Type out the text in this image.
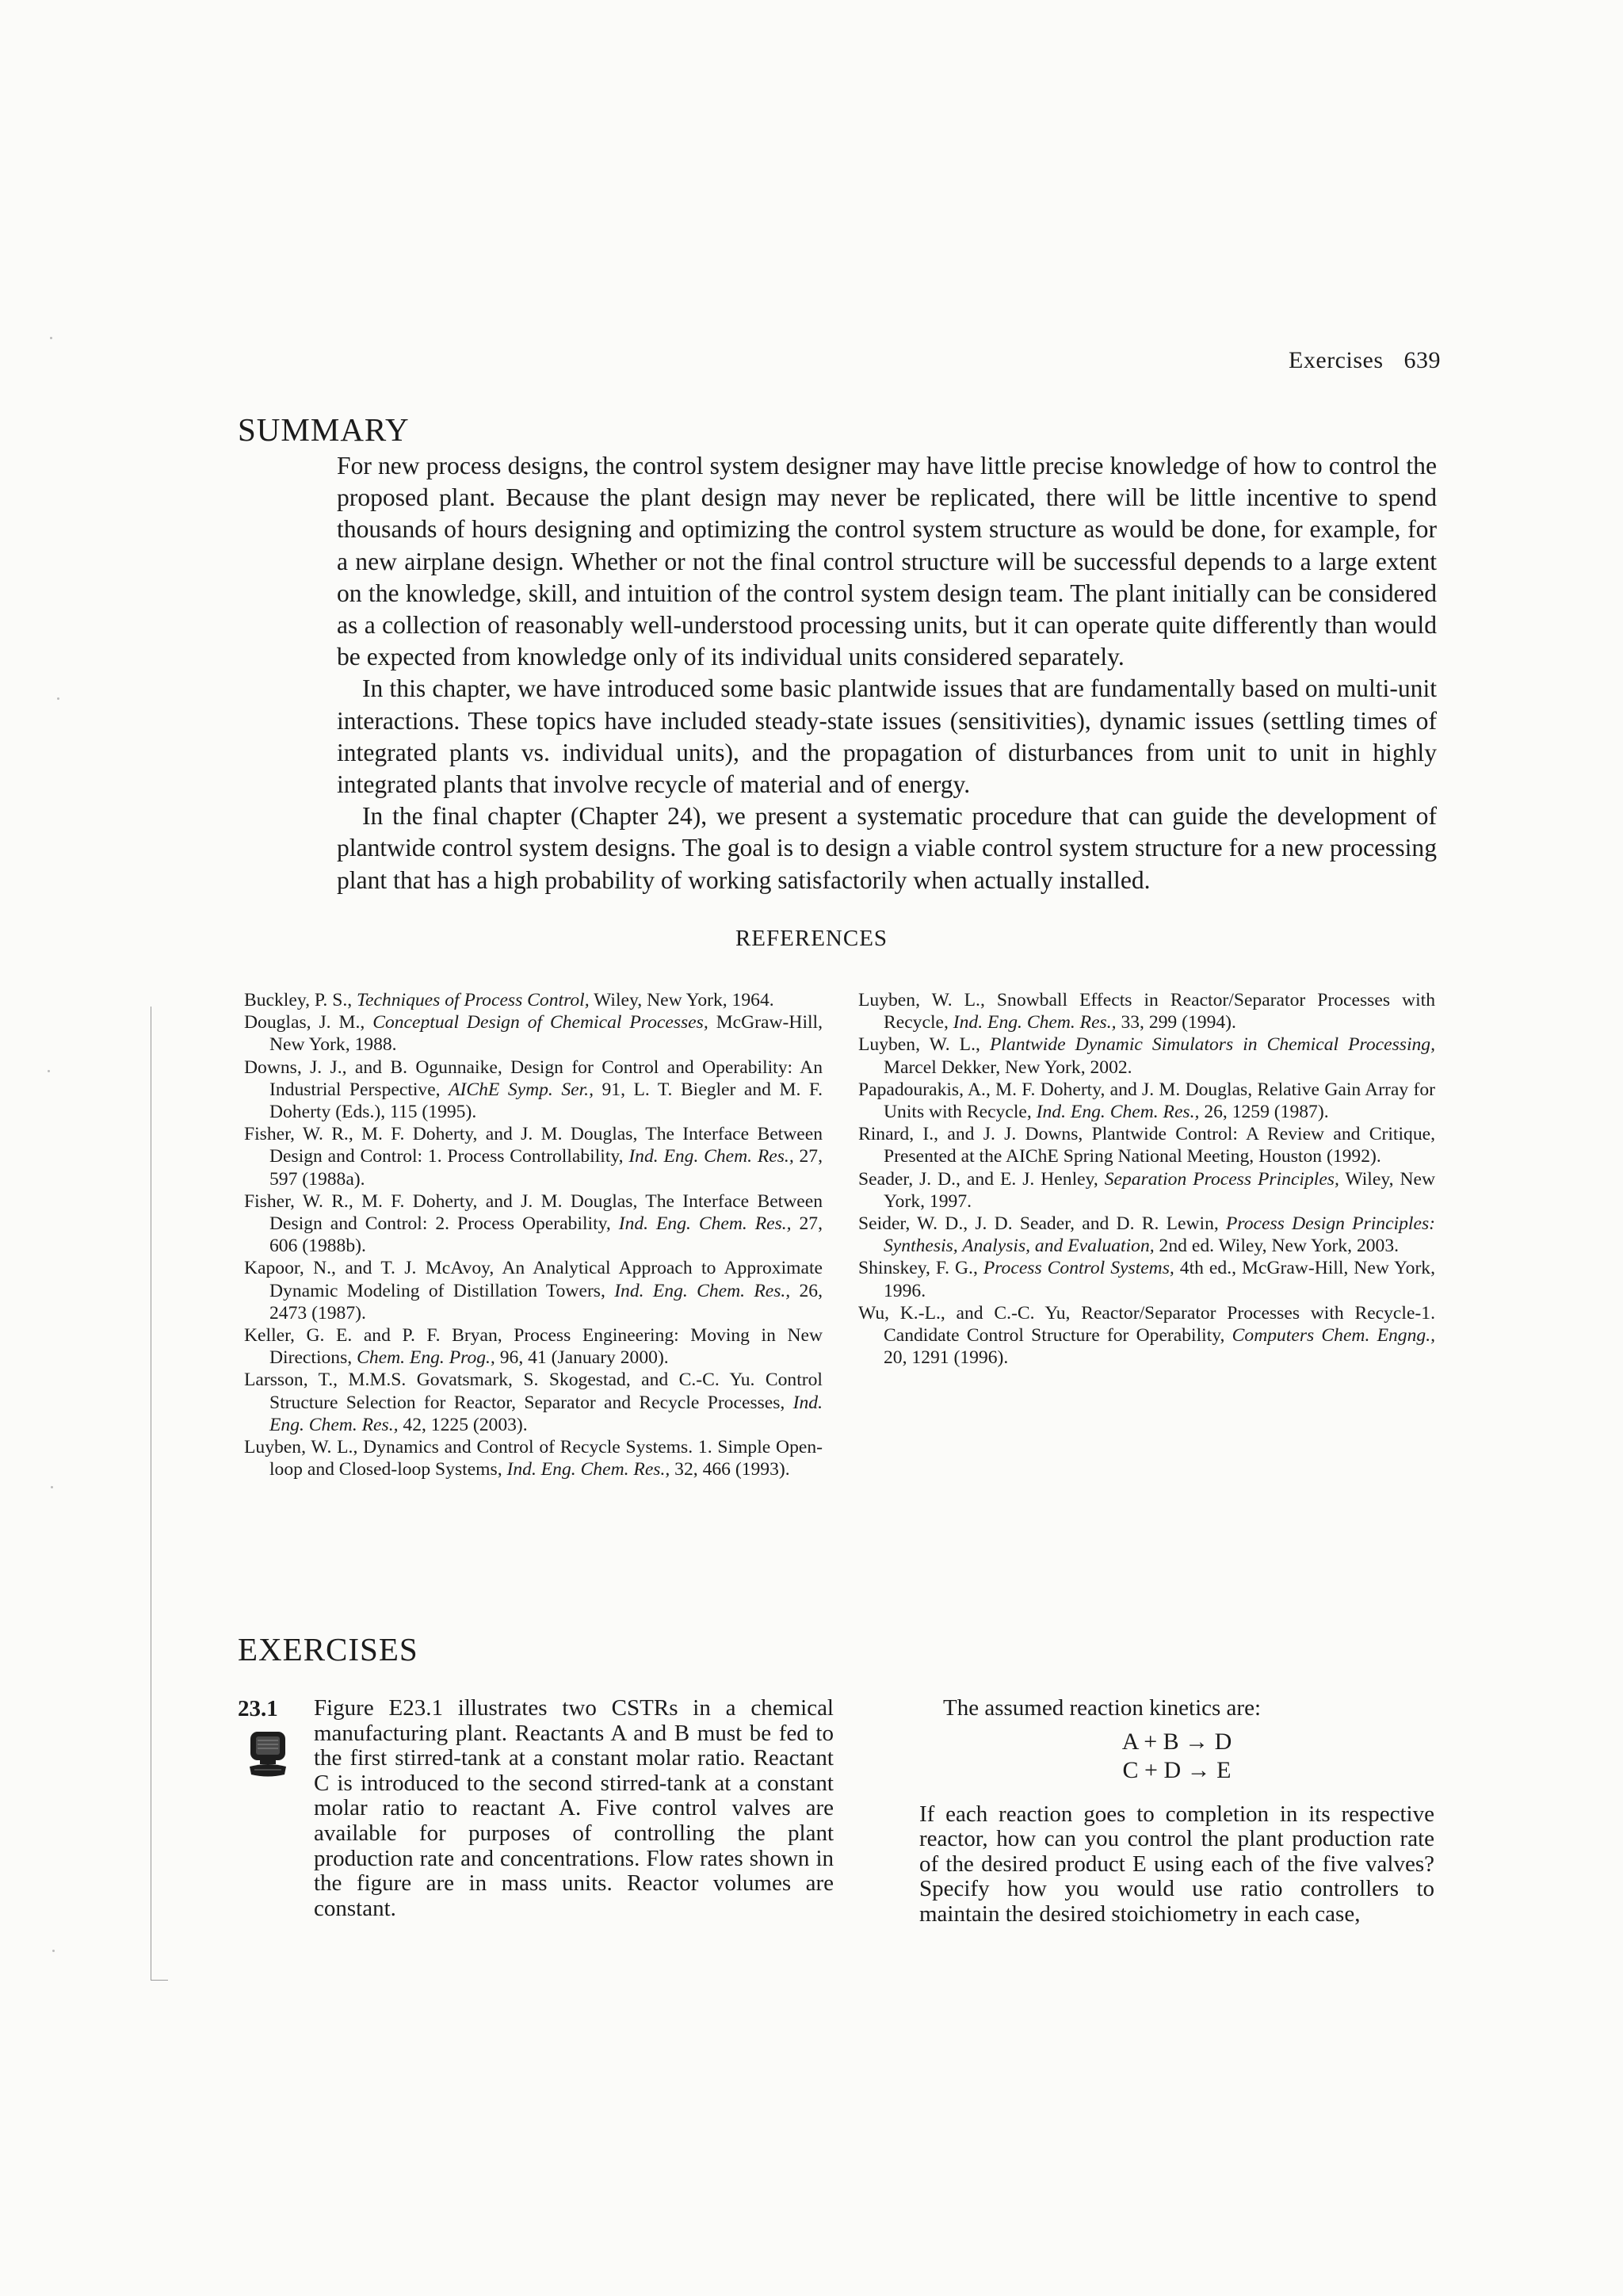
Exercises 639
SUMMARY

For new process designs, the control system designer may have little precise knowledge of how to control the proposed plant. Because the plant design may never be replicated, there will be little incentive to spend thousands of hours designing and optimizing the control system structure as would be done, for example, for a new airplane design. Whether or not the final control structure will be successful depends to a large extent on the knowledge, skill, and intuition of the control system design team. The plant initially can be considered as a collection of reasonably well-understood processing units, but it can operate quite differently than would be expected from knowledge only of its individual units considered separately.

In this chapter, we have introduced some basic plantwide issues that are fundamentally based on multi-unit interactions. These topics have included steady-state issues (sensitivities), dynamic issues (settling times of integrated plants vs. individual units), and the propagation of disturbances from unit to unit in highly integrated plants that involve recycle of material and of energy.

In the final chapter (Chapter 24), we present a systematic procedure that can guide the development of plantwide control system designs. The goal is to design a viable control system structure for a new processing plant that has a high probability of working satisfactorily when actually installed.

REFERENCES
Buckley, P. S., Techniques of Process Control, Wiley, New York, 1964.
Douglas, J. M., Conceptual Design of Chemical Processes, McGraw-Hill, New York, 1988.
Downs, J. J., and B. Ogunnaike, Design for Control and Operability: An Industrial Perspective, AIChE Symp. Ser., 91, L. T. Biegler and M. F. Doherty (Eds.), 115 (1995).
Fisher, W. R., M. F. Doherty, and J. M. Douglas, The Interface Between Design and Control: 1. Process Controllability, Ind. Eng. Chem. Res., 27, 597 (1988a).
Fisher, W. R., M. F. Doherty, and J. M. Douglas, The Interface Between Design and Control: 2. Process Operability, Ind. Eng. Chem. Res., 27, 606 (1988b).
Kapoor, N., and T. J. McAvoy, An Analytical Approach to Approximate Dynamic Modeling of Distillation Towers, Ind. Eng. Chem. Res., 26, 2473 (1987).
Keller, G. E. and P. F. Bryan, Process Engineering: Moving in New Directions, Chem. Eng. Prog., 96, 41 (January 2000).
Larsson, T., M.M.S. Govatsmark, S. Skogestad, and C.-C. Yu. Control Structure Selection for Reactor, Separator and Recycle Processes, Ind. Eng. Chem. Res., 42, 1225 (2003).
Luyben, W. L., Dynamics and Control of Recycle Systems. 1. Simple Open-loop and Closed-loop Systems, Ind. Eng. Chem. Res., 32, 466 (1993).
Luyben, W. L., Snowball Effects in Reactor/Separator Processes with Recycle, Ind. Eng. Chem. Res., 33, 299 (1994).
Luyben, W. L., Plantwide Dynamic Simulators in Chemical Processing, Marcel Dekker, New York, 2002.
Papadourakis, A., M. F. Doherty, and J. M. Douglas, Relative Gain Array for Units with Recycle, Ind. Eng. Chem. Res., 26, 1259 (1987).
Rinard, I., and J. J. Downs, Plantwide Control: A Review and Critique, Presented at the AIChE Spring National Meeting, Houston (1992).
Seader, J. D., and E. J. Henley, Separation Process Principles, Wiley, New York, 1997.
Seider, W. D., J. D. Seader, and D. R. Lewin, Process Design Principles: Synthesis, Analysis, and Evaluation, 2nd ed. Wiley, New York, 2003.
Shinskey, F. G., Process Control Systems, 4th ed., McGraw-Hill, New York, 1996.
Wu, K.-L., and C.-C. Yu, Reactor/Separator Processes with Recycle-1. Candidate Control Structure for Operability, Computers Chem. Engng., 20, 1291 (1996).
EXERCISES
23.1 Figure E23.1 illustrates two CSTRs in a chemical manufacturing plant. Reactants A and B must be fed to the first stirred-tank at a constant molar ratio. Reactant C is introduced to the second stirred-tank at a constant molar ratio to reactant A. Five control valves are available for purposes of controlling the plant production rate and concentrations. Flow rates shown in the figure are in mass units. Reactor volumes are constant.

The assumed reaction kinetics are:

A + B → D

C + D → E

If each reaction goes to completion in its respective reactor, how can you control the plant production rate of the desired product E using each of the five valves? Specify how you would use ratio controllers to maintain the desired stoichiometry in each case,
